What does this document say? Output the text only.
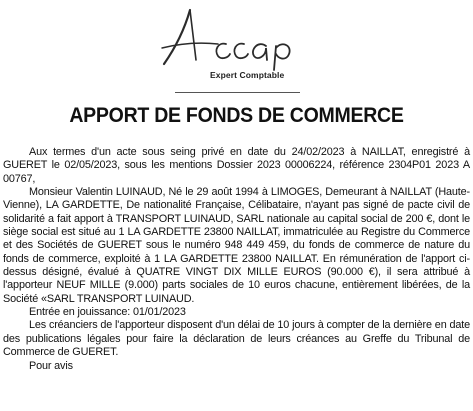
Expert Comptable
APPORT DE FONDS DE COMMERCE

Aux termes d'un acte sous seing privé en date du 24/02/2023 à NAILLAT, enregistré à GUERET le 02/05/2023, sous les mentions Dossier 2023 00006224, référence 2304P01 2023 A 00767,

Monsieur Valentin LUINAUD, Né le 29 août 1994 à LIMOGES, Demeurant à NAILLAT (Haute-Vienne), LA GARDETTE, De nationalité Française, Célibataire, n'ayant pas signé de pacte civil de solidarité a fait apport à TRANSPORT LUINAUD, SARL nationale au capital social de 200 €, dont le siège social est situé au 1 LA GARDETTE 23800 NAILLAT, immatriculée au Registre du Commerce et des Sociétés de GUERET sous le numéro 948 449 459, du fonds de commerce de nature du fonds de commerce, exploité à 1 LA GARDETTE 23800 NAILLAT. En rémunération de l'apport ci-dessus désigné, évalué à QUATRE VINGT DIX MILLE EUROS (90.000 €), il sera attribué à l'apporteur NEUF MILLE (9.000) parts sociales de 10 euros chacune, entièrement libérées, de la Société «SARL TRANSPORT LUINAUD.

Entrée en jouissance: 01/01/2023

Les créanciers de l'apporteur disposent d'un délai de 10 jours à compter de la dernière en date des publications légales pour faire la déclaration de leurs créances au Greffe du Tribunal de Commerce de GUERET.

Pour avis
